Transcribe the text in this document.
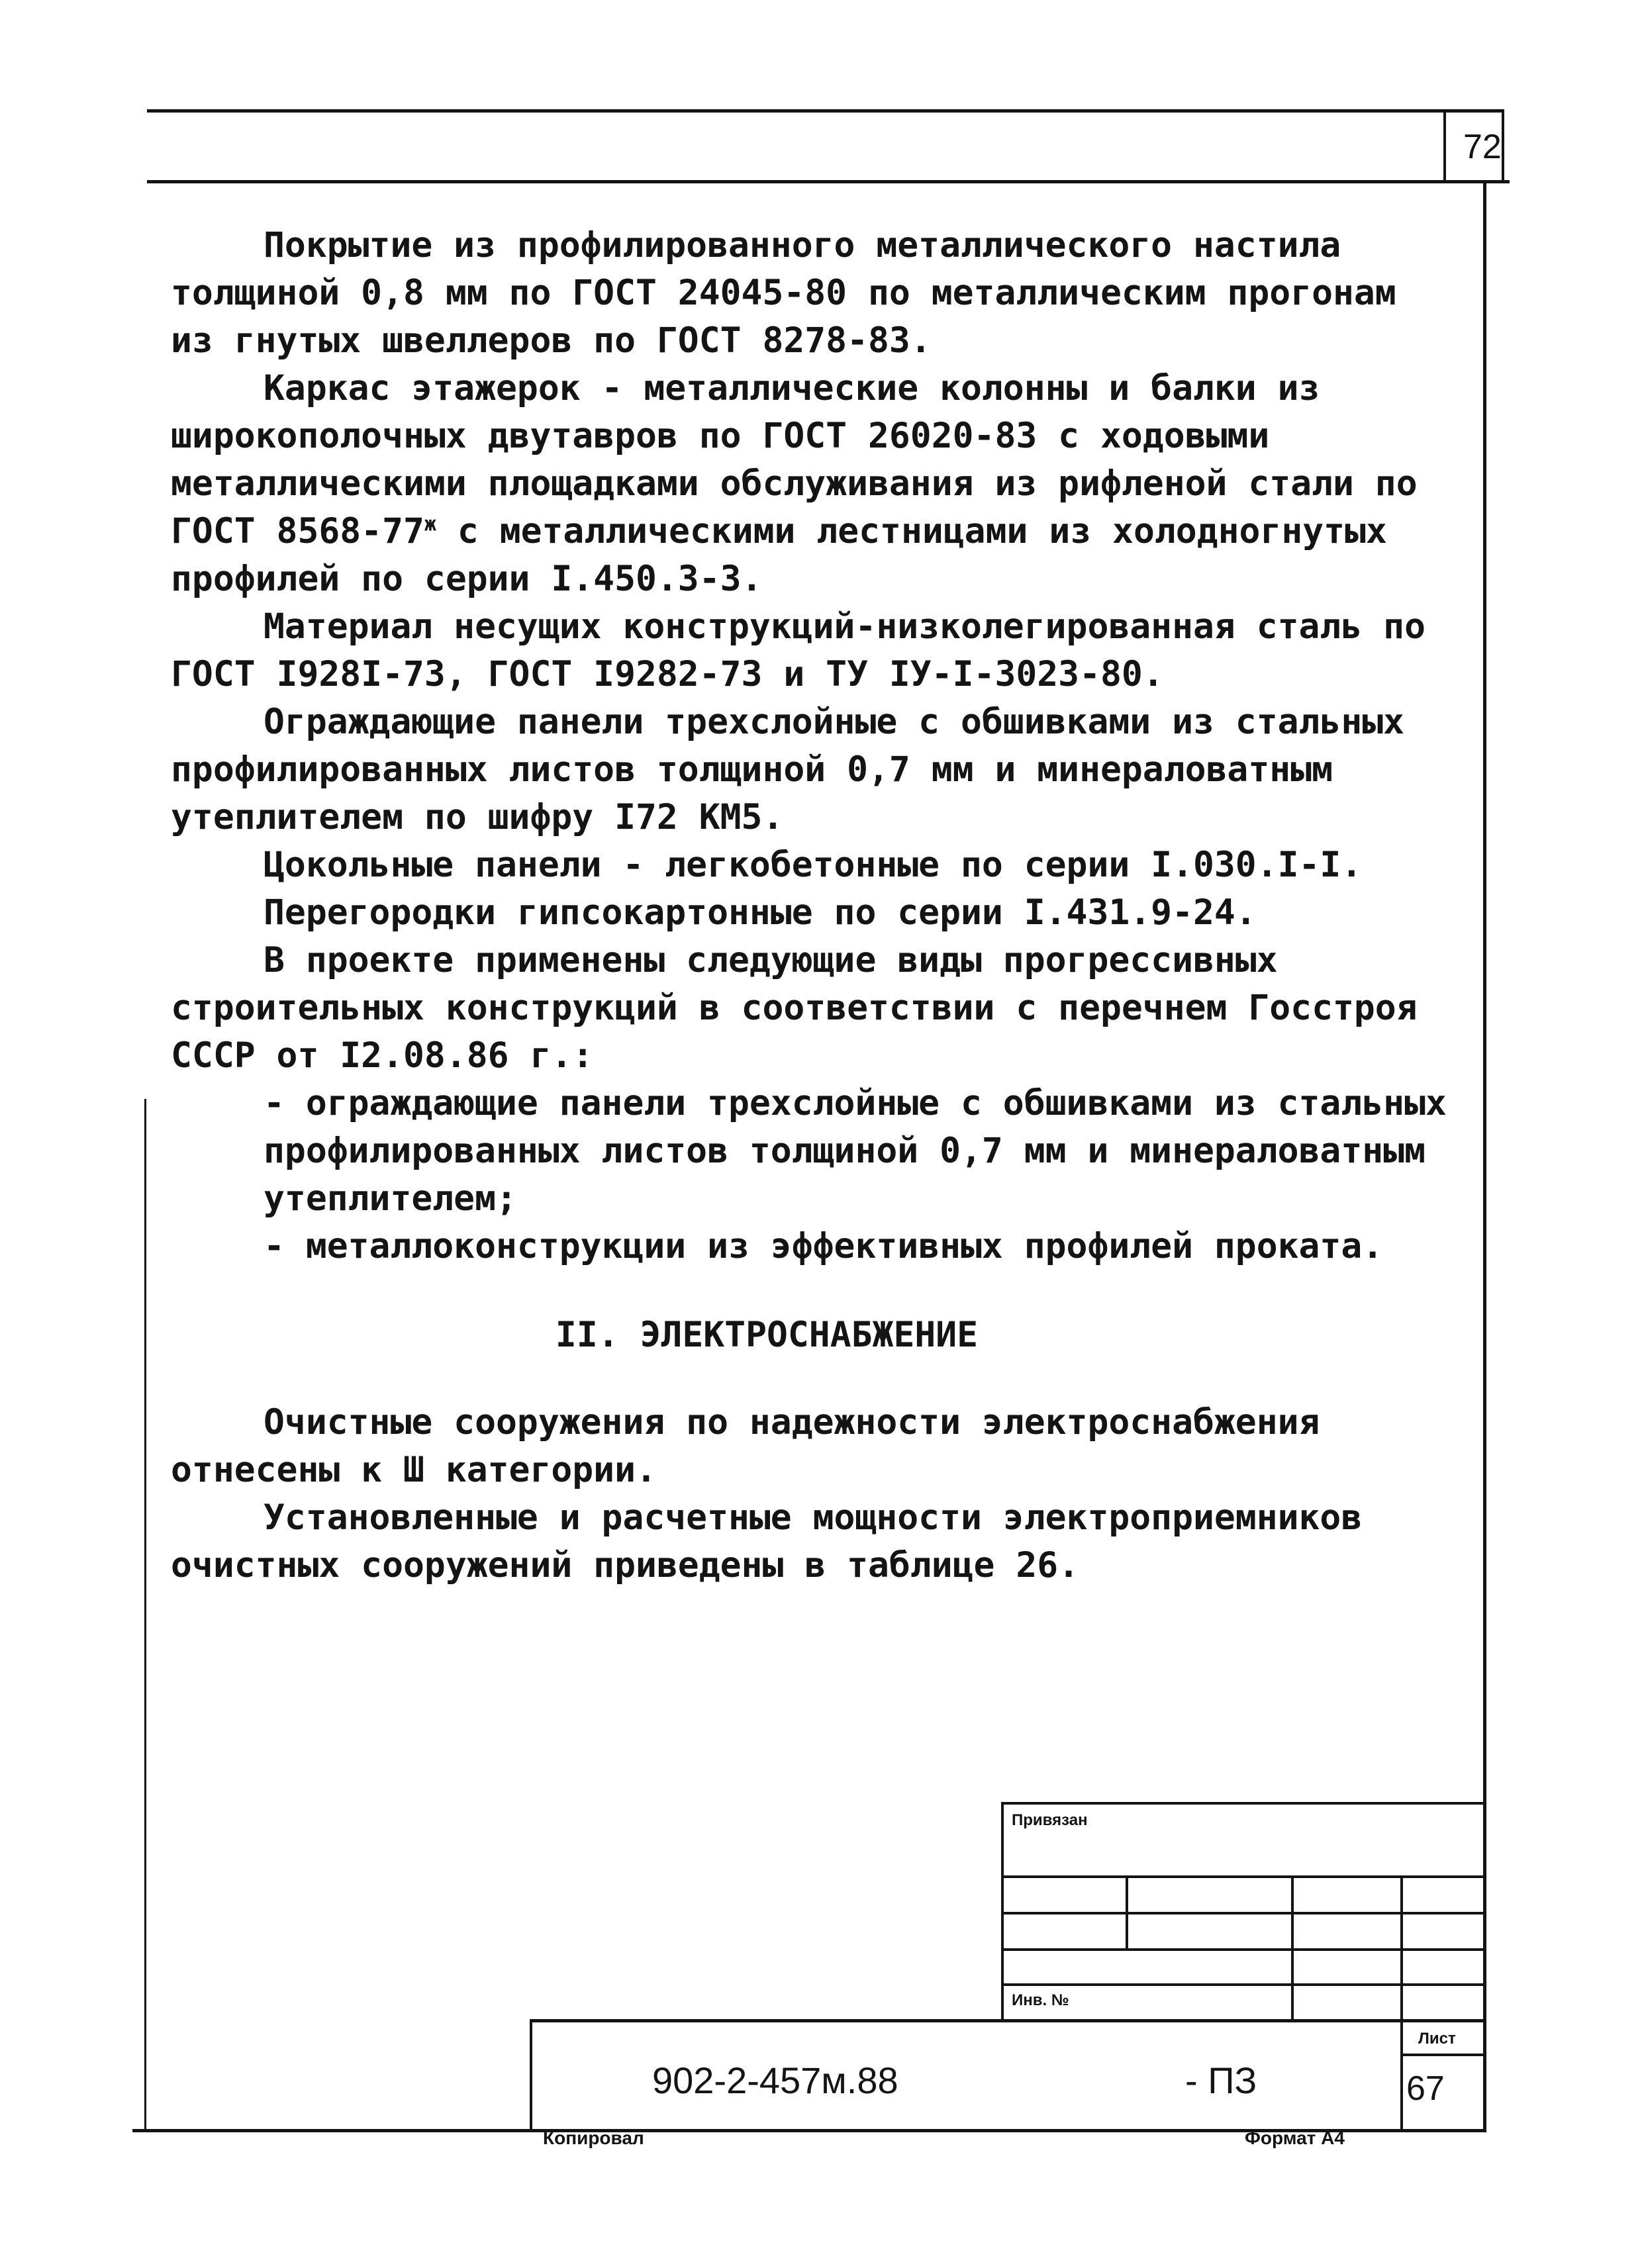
72

Покрытие из профилированного металлического настила толщиной 0,8 мм по ГОСТ 24045-80 по металлическим прогонам из гнутых швеллеров по ГОСТ 8278-83.

Каркас этажерок - металлические колонны и балки из широкополочных двутавров по ГОСТ 26020-83 с ходовыми металлическими площадками обслуживания из рифленой стали по ГОСТ $8568-77^ж$ с металлическими лестницами из холодногнутых профилей по серии I.450.3-3.

Материал несущих конструкций-низколегированная сталь по ГОСТ I928I-73, ГОСТ I9282-73 и ТУ IУ-I-3023-80.

Ограждающие панели трехслойные с обшивками из стальных профилированных листов толщиной 0,7 мм и минераловатным утеплителем по шифру I72 КМ5.

Цокольные панели - легкобетонные по серии I.030.I-I.

Перегородки гипсокартонные по серии I.431.9-24.

В проекте применены следующие виды прогрессивных строительных конструкций в соответствии с перечнем Госстроя СССР от I2.08.86 г.:

- ограждающие панели трехслойные с обшивками из стальных профилированных листов толщиной 0,7 мм и минераловатным утеплителем;

- металлоконструкции из эффективных профилей проката.

II. ЭЛЕКТРОСНАБЖЕНИЕ

Очистные сооружения по надежности электроснабжения отнесены к Ш категории.

Установленные и расчетные мощности электроприемников очистных сооружений приведены в таблице 26.

Привязан
Инв. №
902-2-457м.88	- ПЗ
Лист
67
Копировал	Формат А4
